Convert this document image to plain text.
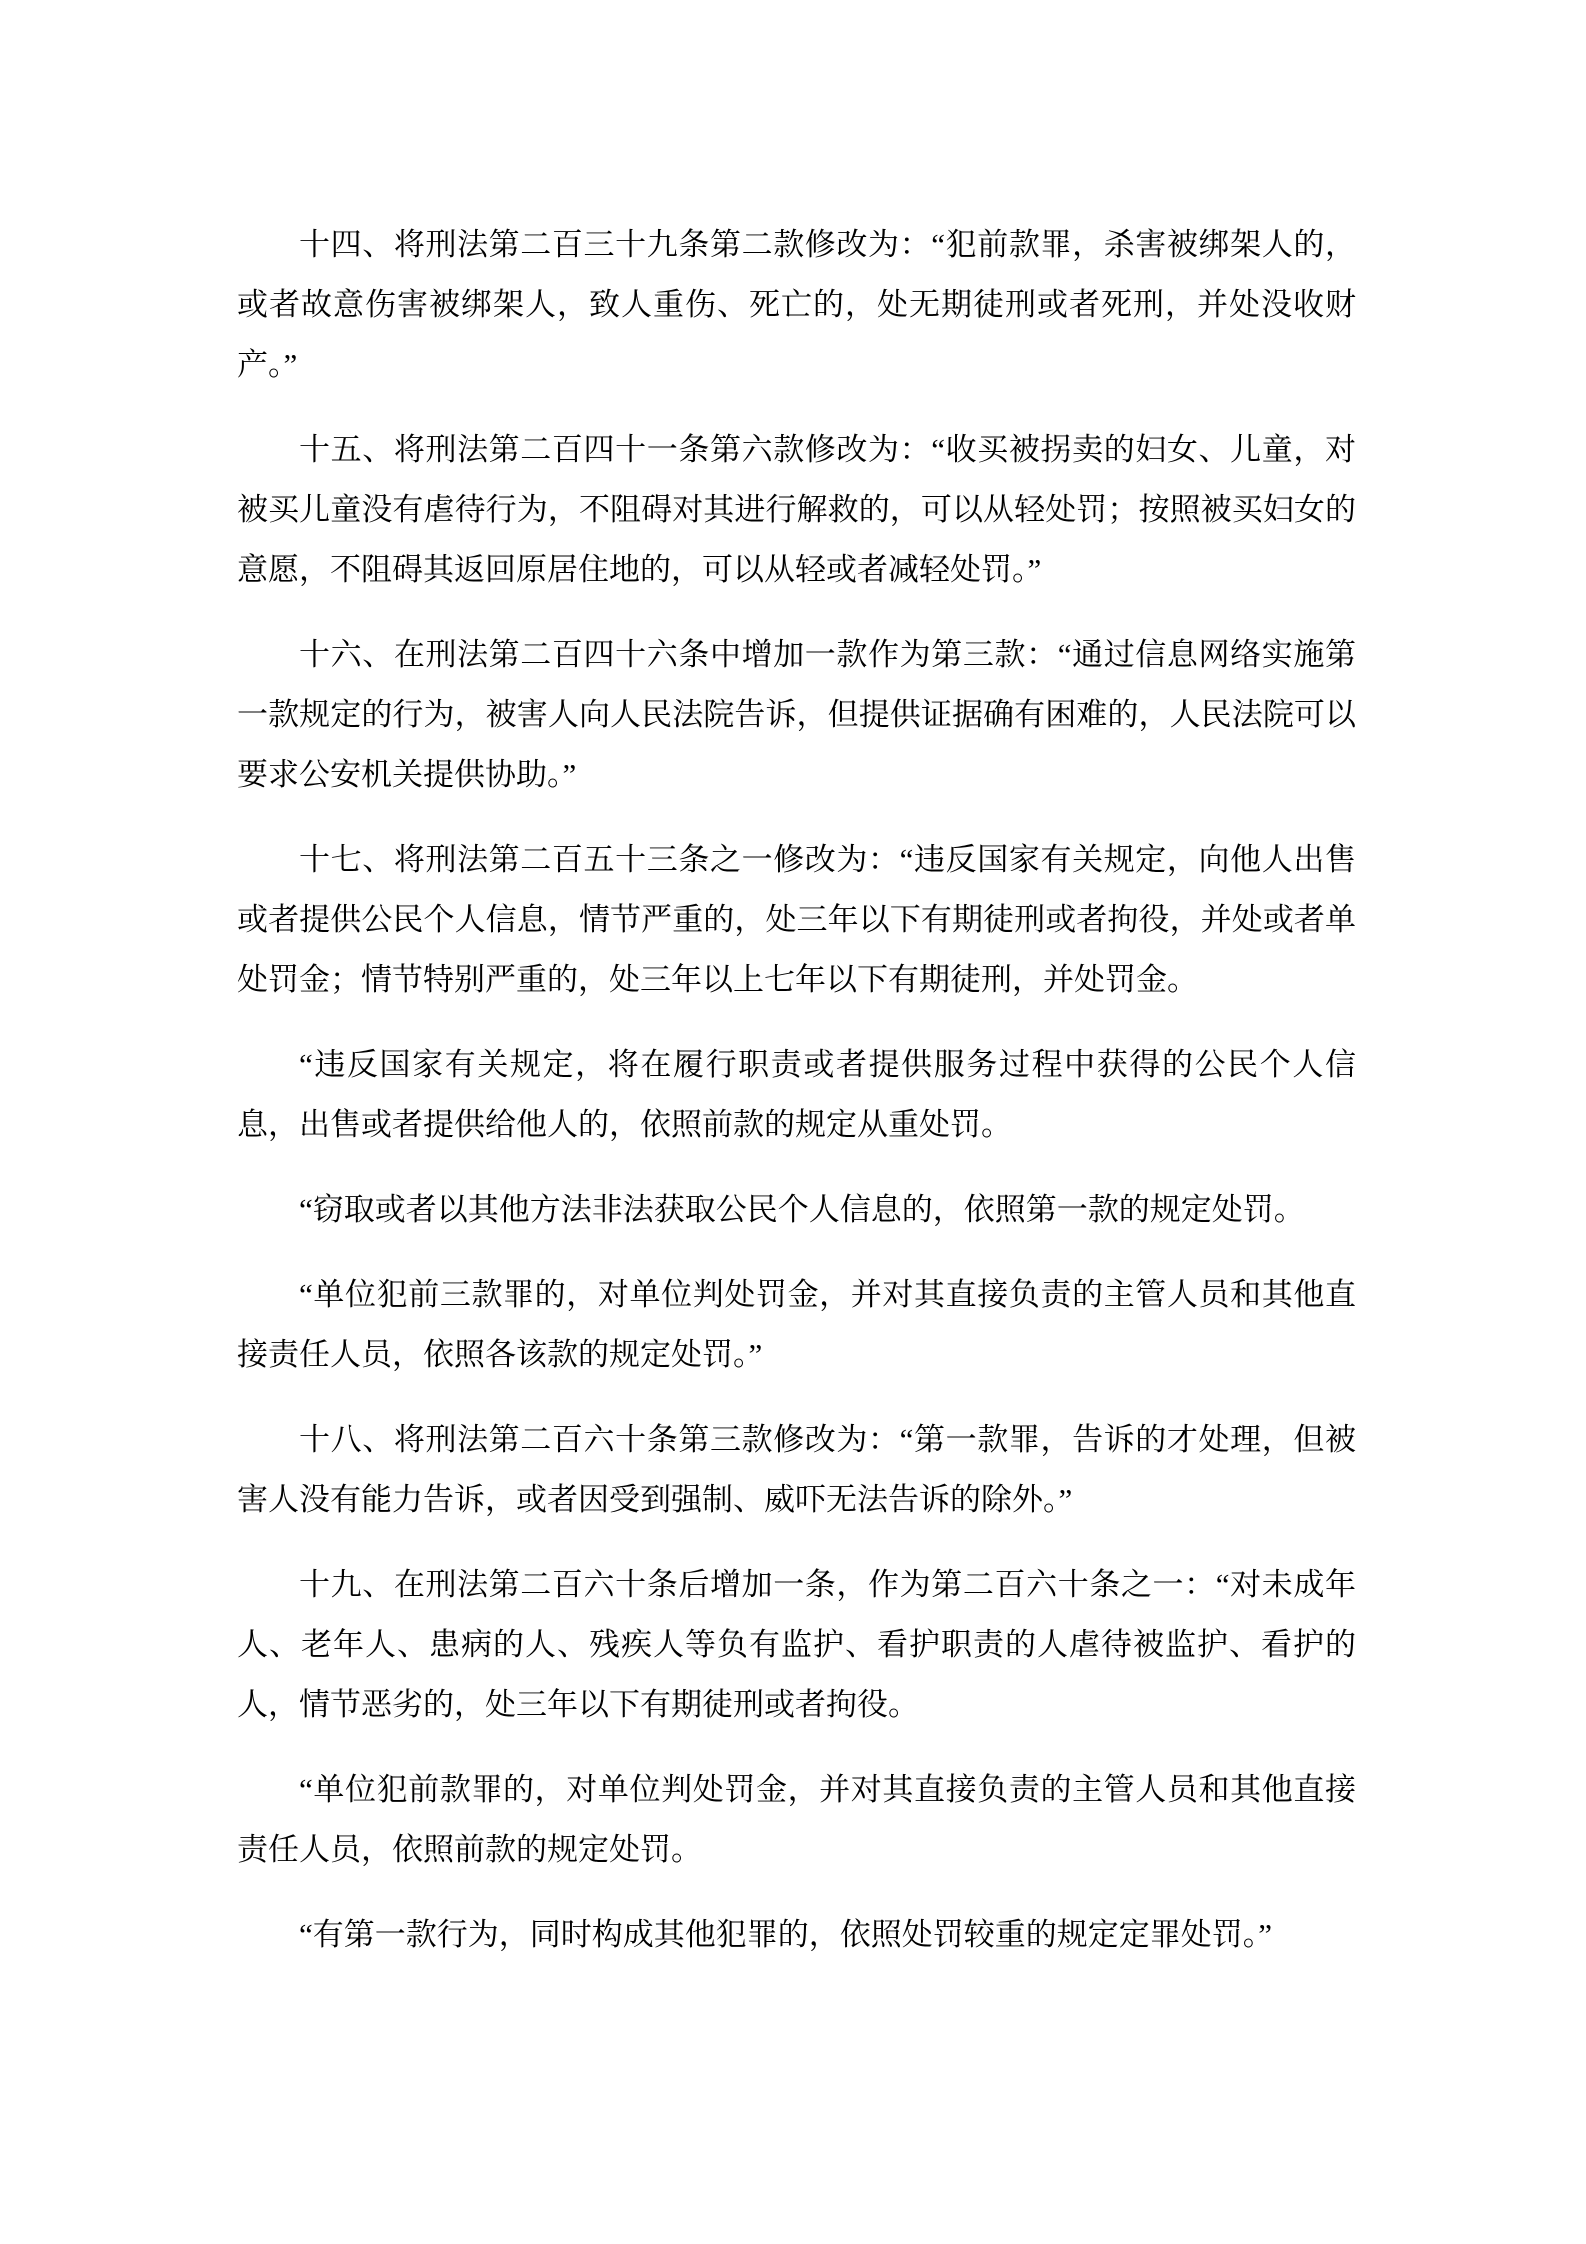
十四、将刑法第二百三十九条第二款修改为：“犯前款罪，杀害被绑架人的，或者故意伤害被绑架人，致人重伤、死亡的，处无期徒刑或者死刑，并处没收财产。”

十五、将刑法第二百四十一条第六款修改为：“收买被拐卖的妇女、儿童，对被买儿童没有虐待行为，不阻碍对其进行解救的，可以从轻处罚；按照被买妇女的意愿，不阻碍其返回原居住地的，可以从轻或者减轻处罚。”

十六、在刑法第二百四十六条中增加一款作为第三款：“通过信息网络实施第一款规定的行为，被害人向人民法院告诉，但提供证据确有困难的，人民法院可以要求公安机关提供协助。”

十七、将刑法第二百五十三条之一修改为：“违反国家有关规定，向他人出售或者提供公民个人信息，情节严重的，处三年以下有期徒刑或者拘役，并处或者单处罚金；情节特别严重的，处三年以上七年以下有期徒刑，并处罚金。

“违反国家有关规定，将在履行职责或者提供服务过程中获得的公民个人信息，出售或者提供给他人的，依照前款的规定从重处罚。

“窃取或者以其他方法非法获取公民个人信息的，依照第一款的规定处罚。

“单位犯前三款罪的，对单位判处罚金，并对其直接负责的主管人员和其他直接责任人员，依照各该款的规定处罚。”

十八、将刑法第二百六十条第三款修改为：“第一款罪，告诉的才处理，但被害人没有能力告诉，或者因受到强制、威吓无法告诉的除外。”

十九、在刑法第二百六十条后增加一条，作为第二百六十条之一：“对未成年人、老年人、患病的人、残疾人等负有监护、看护职责的人虐待被监护、看护的人，情节恶劣的，处三年以下有期徒刑或者拘役。

“单位犯前款罪的，对单位判处罚金，并对其直接负责的主管人员和其他直接责任人员，依照前款的规定处罚。

“有第一款行为，同时构成其他犯罪的，依照处罚较重的规定定罪处罚。”
